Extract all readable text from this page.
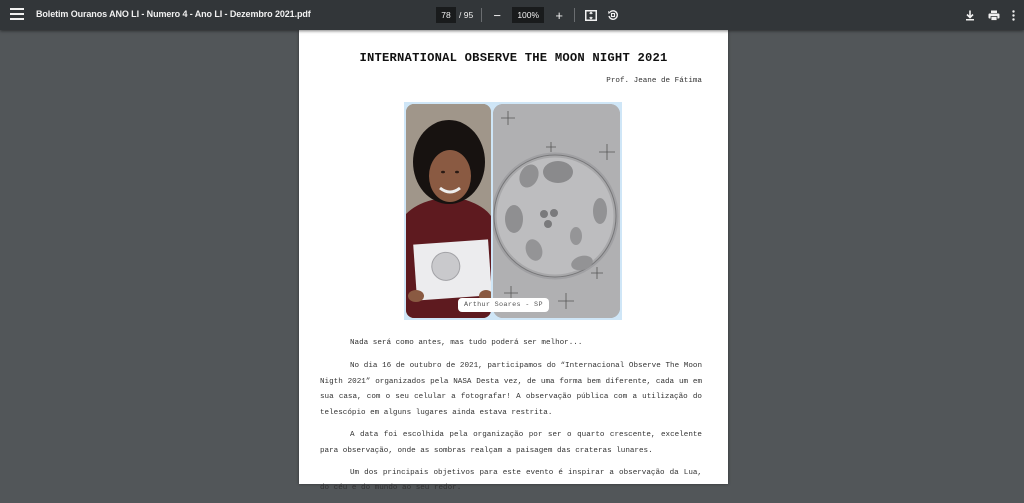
Boletim Ouranos ANO LI - Numero 4 - Ano LI - Dezembro 2021.pdf	78 / 95 −	100%	+
INTERNATIONAL OBSERVE THE MOON NIGHT 2021
Prof. Jeane de Fátima
Arthur Soares - SP

Nada será como antes, mas tudo poderá ser melhor...

No dia 16 de outubro de 2021, participamos do “Internacional Observe The Moon Nigth 2021” organizados pela NASA Desta vez, de uma forma bem diferente, cada um em sua casa, com o seu celular a fotografar! A observação pública com a utilização do telescópio em alguns lugares ainda estava restrita.

A data foi escolhida pela organização por ser o quarto crescente, excelente para observação, onde as sombras realçam a paisagem das crateras lunares.

Um dos principais objetivos para este evento é inspirar a observação da Lua, do céu e do mundo ao seu redor.
